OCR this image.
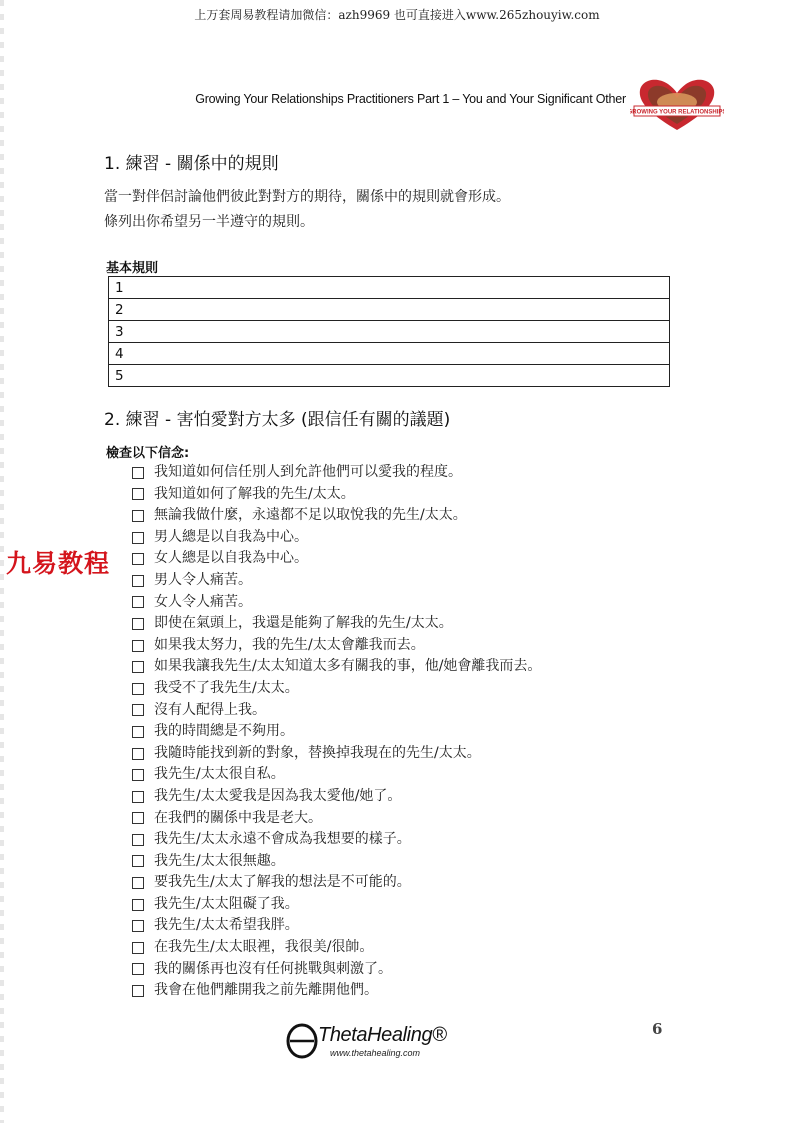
上万套周易教程请加微信：azh9969 也可直接进入www.265zhouyiw.com
Growing Your Relationships Practitioners Part 1 – You and Your Significant Other
GROWING YOUR RELATIONSHIPS
1. 練習 - 關係中的規則
當一對伴侶討論他們彼此對對方的期待，關係中的規則就會形成。
條列出你希望另一半遵守的規則。
基本規則
1
2
3
4
5
2. 練習 - 害怕愛對方太多 (跟信任有關的議題)
檢查以下信念:
我知道如何信任別人到允許他們可以愛我的程度。
我知道如何了解我的先生/太太。
無論我做什麼，永遠都不足以取悅我的先生/太太。
男人總是以自我為中心。
女人總是以自我為中心。
男人令人痛苦。
女人令人痛苦。
即使在氣頭上，我還是能夠了解我的先生/太太。
如果我太努力，我的先生/太太會離我而去。
如果我讓我先生/太太知道太多有關我的事，他/她會離我而去。
我受不了我先生/太太。
沒有人配得上我。
我的時間總是不夠用。
我隨時能找到新的對象，替換掉我現在的先生/太太。
我先生/太太很自私。
我先生/太太愛我是因為我太愛他/她了。
在我們的關係中我是老大。
我先生/太太永遠不會成為我想要的樣子。
我先生/太太很無趣。
要我先生/太太了解我的想法是不可能的。
我先生/太太阻礙了我。
我先生/太太希望我胖。
在我先生/太太眼裡，我很美/很帥。
我的關係再也沒有任何挑戰與刺激了。
我會在他們離開我之前先離開他們。
九易教程
ThetaHealing®
www.thetahealing.com
6
